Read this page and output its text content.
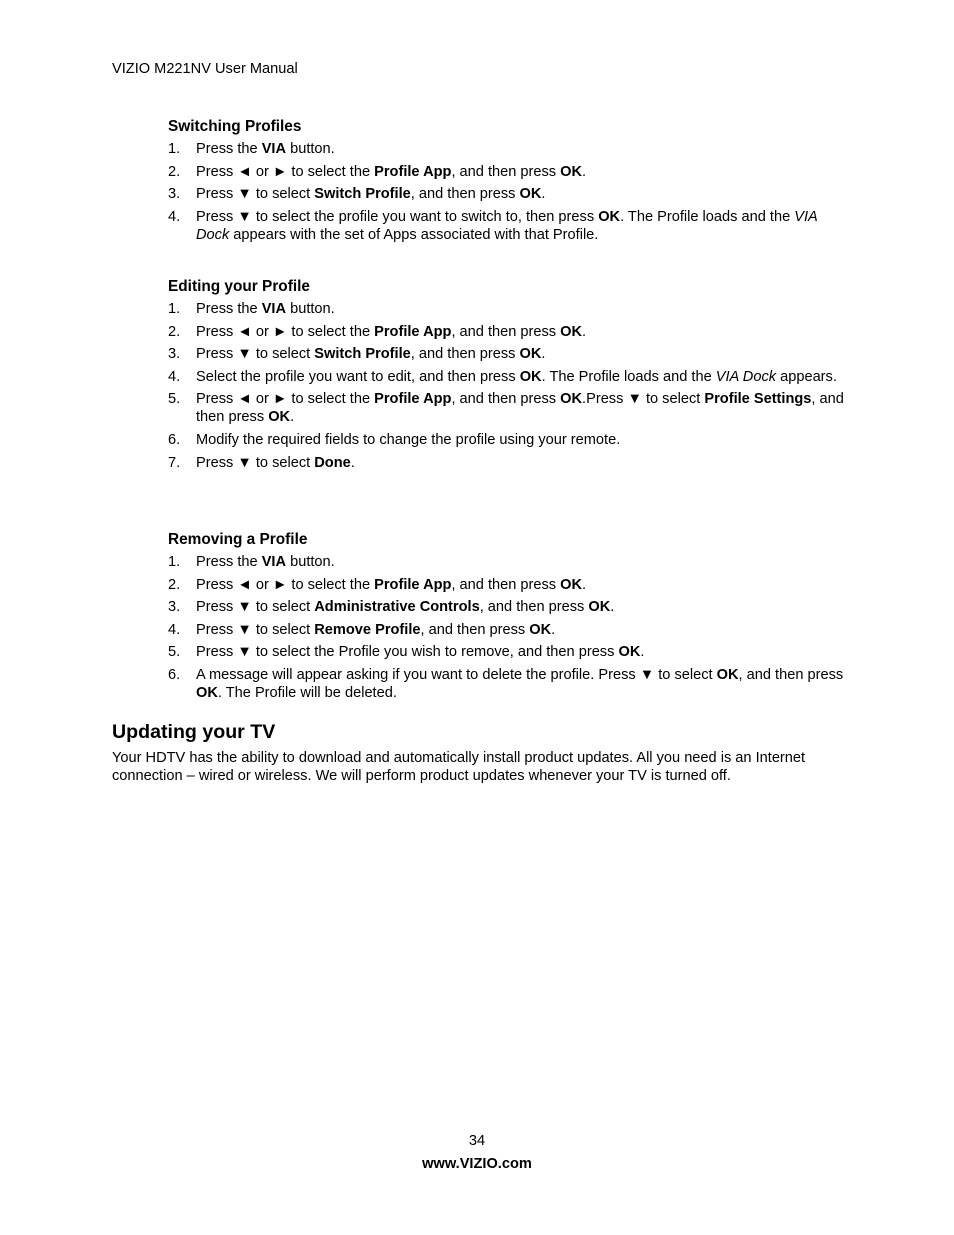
VIZIO M221NV User Manual
Switching Profiles
1. Press the VIA button.
2. Press ◄ or ► to select the Profile App, and then press OK.
3. Press ▼ to select Switch Profile, and then press OK.
4. Press ▼ to select the profile you want to switch to, then press OK. The Profile loads and the VIA Dock appears with the set of Apps associated with that Profile.
Editing your Profile
1. Press the VIA button.
2. Press ◄ or ► to select the Profile App, and then press OK.
3. Press ▼ to select Switch Profile, and then press OK.
4. Select the profile you want to edit, and then press OK. The Profile loads and the VIA Dock appears.
5. Press ◄ or ► to select the Profile App, and then press OK.Press ▼ to select Profile Settings, and then press OK.
6. Modify the required fields to change the profile using your remote.
7. Press ▼ to select Done.
Removing a Profile
1. Press the VIA button.
2. Press ◄ or ► to select the Profile App, and then press OK.
3. Press ▼ to select Administrative Controls, and then press OK.
4. Press ▼ to select Remove Profile, and then press OK.
5. Press ▼ to select the Profile you wish to remove, and then press OK.
6. A message will appear asking if you want to delete the profile. Press ▼ to select OK, and then press OK. The Profile will be deleted.
Updating your TV

Your HDTV has the ability to download and automatically install product updates. All you need is an Internet connection – wired or wireless. We will perform product updates whenever your TV is turned off.

34
www.VIZIO.com
